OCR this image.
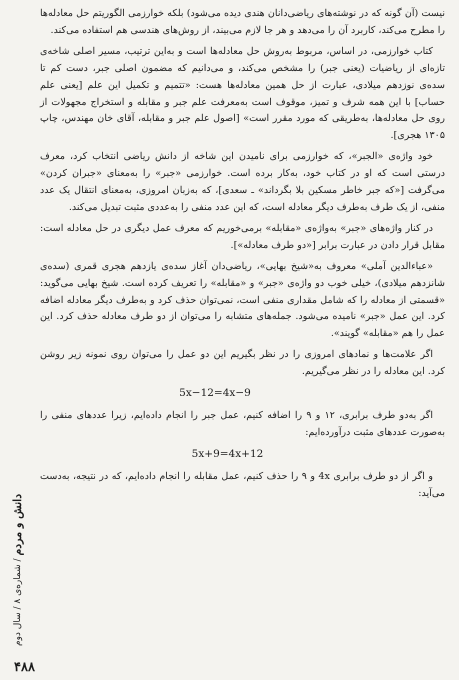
نیست (آن گونه که در نوشته‌های ریاضی‌دانان هندی دیده می‌شود) بلکه خوارزمی الگوریتم حل معادله‌ها را مطرح می‌کند، کاربرد آن را می‌دهد و هر جا لازم می‌بیند، از روش‌های هندسی هم استفاده می‌کند.

کتاب خوارزمی، در اساس، مربوط به‌روش حل معادله‌ها است و به‌این ترتیب، مسیر اصلی شاخه‌ی تازه‌ای از ریاضیات (یعنی جبر) را مشخص می‌کند، و می‌دانیم که مضمون اصلی جبر، دست کم تا سده‌ی نوزدهم میلادی، عبارت از حل همین معادله‌ها هست: «تتمیم و تکمیل این علم [یعنی علم حساب] با این همه شرف و تمیز، موقوف است به‌معرفت علم جبر و مقابله و استخراج مجهولات از روی حل معادله‌ها، به‌طریقی که مورد مقرر است» [اصول علم جبر و مقابله، آقای خان مهندس، چاپ ۱۳۰۵ هجری].

خود واژه‌ی «الجبر»، که خوارزمی برای نامیدن این شاخه از دانش ریاضی انتخاب کرد، معرف درستی است که او در کتاب خود، به‌کار برده است. خوارزمی «جبر» را به‌معنای «جبران کردن» می‌گرفت [«که جبر خاطر مسکین بلا بگرداند» ـ سعدی]، که به‌زبان امروزی، به‌معنای انتقال یک عدد منفی، از یک طرف به‌طرف دیگر معادله است، که این عدد منفی را به‌عددی مثبت تبدیل می‌کند.

در کنار واژه‌های «جبر» به‌واژه‌ی «مقابله» برمی‌خوریم که معرف عمل دیگری در حل معادله است: مقابل قرار دادن در عبارت برابر [«دو طرف معادله»].

«عباءالدین آملی» معروف به‌«شیخ بهایی»، ریاضی‌دان آغاز سده‌ی یازدهم هجری قمری (سده‌ی شانزدهم میلادی)، خیلی خوب دو واژه‌ی «جبر» و «مقابله» را تعریف کرده است. شیخ بهایی می‌گوید: «قسمتی از معادله را که شامل مقداری منفی است، نمی‌توان حذف کرد و به‌طرف دیگر معادله اضافه کرد. این عمل «جبر» نامیده می‌شود. جمله‌های متشابه را می‌توان از دو طرف معادله حذف کرد. این عمل را هم «مقابله» گویند».

اگر علامت‌ها و نمادهای امروزی را در نظر بگیریم این دو عمل را می‌توان روی نمونه زیر روشن کرد. این معادله را در نظر می‌گیریم.

5x−12=4x−9

اگر به‌دو طرف برابری، ۱۲ و ۹ را اضافه کنیم، عمل جبر را انجام داده‌ایم، زیرا عددهای منفی را به‌صورت عددهای مثبت درآورده‌ایم:

5x+9=4x+12

و اگر از دو طرف برابری 4x و ۹ را حذف کنیم، عمل مقابله را انجام داده‌ایم، که در نتیجه، به‌دست می‌آید:

دانش و مردم / شماره‌ی ۸ / سال دوم
۴۸۸
